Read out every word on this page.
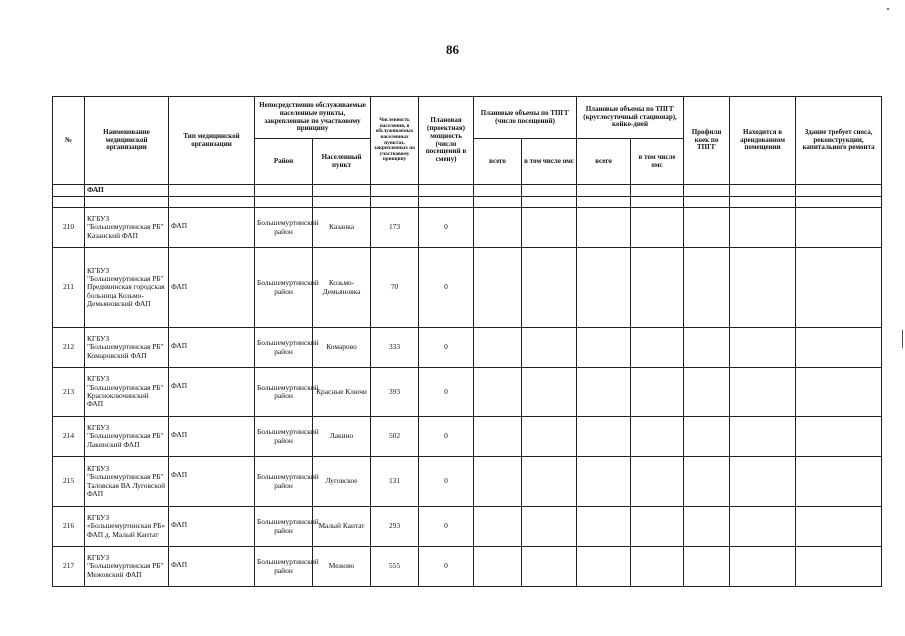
86
№	Наименование медицинской организации	Тип медицинской организации	Непосредственно обслуживаемые населенные пункты, закрепленные по участковому принципу		Численность населения, в обслуживаемых населенных пунктах, закрепленных по участковому принципу	Плановая (проектная) мощность (число посещений в смену)	Плановые объемы по ТПГГ (число посещений)		Плановые объемы по ТПГГ (круглосуточный стационар), койко-дней		Профили коек по ТПГГ	Находится в арендованном помещении	Здание требует сноса, реконструкции, капитального ремонта
			Район	Населенный пункт			всего	в том числе омс	всего	в том числе омс			
	ФАП												

210	КГБУЗ "Большемуртинская РБ" Казанский ФАП	ФАП	Большемуртинский район	Казанка	173	0							
211	КГБУЗ "Большемуртинская РБ" Предивинская городская больница Козьмо-Демьяновский ФАП	ФАП	Большемуртинский район	Козьмо-Демьяновка	70	0							
212	КГБУЗ "Большемуртинская РБ" Комаровский ФАП	ФАП	Большемуртинский район	Комарово	333	0							
213	КГБУЗ "Большемуртинская РБ" Красноключинский ФАП	ФАП	Большемуртинский район	Красные Ключи	393	0							
214	КГБУЗ "Большемуртинская РБ" Лакинский ФАП	ФАП	Большемуртинский район	Лакино	502	0							
215	КГБУЗ "Большемуртинская РБ" Таловская ВА Луговской ФАП	ФАП	Большемуртинский район	Луговское	131	0							
216	КГБУЗ «Большемуртинская РБ» ФАП д. Малый Кантат	ФАП	Большемуртинский район	Малый Кантат	293	0							
217	КГБУЗ "Большемуртинская РБ" Межовский ФАП	ФАП	Большемуртинский район	Межово	555	0							
